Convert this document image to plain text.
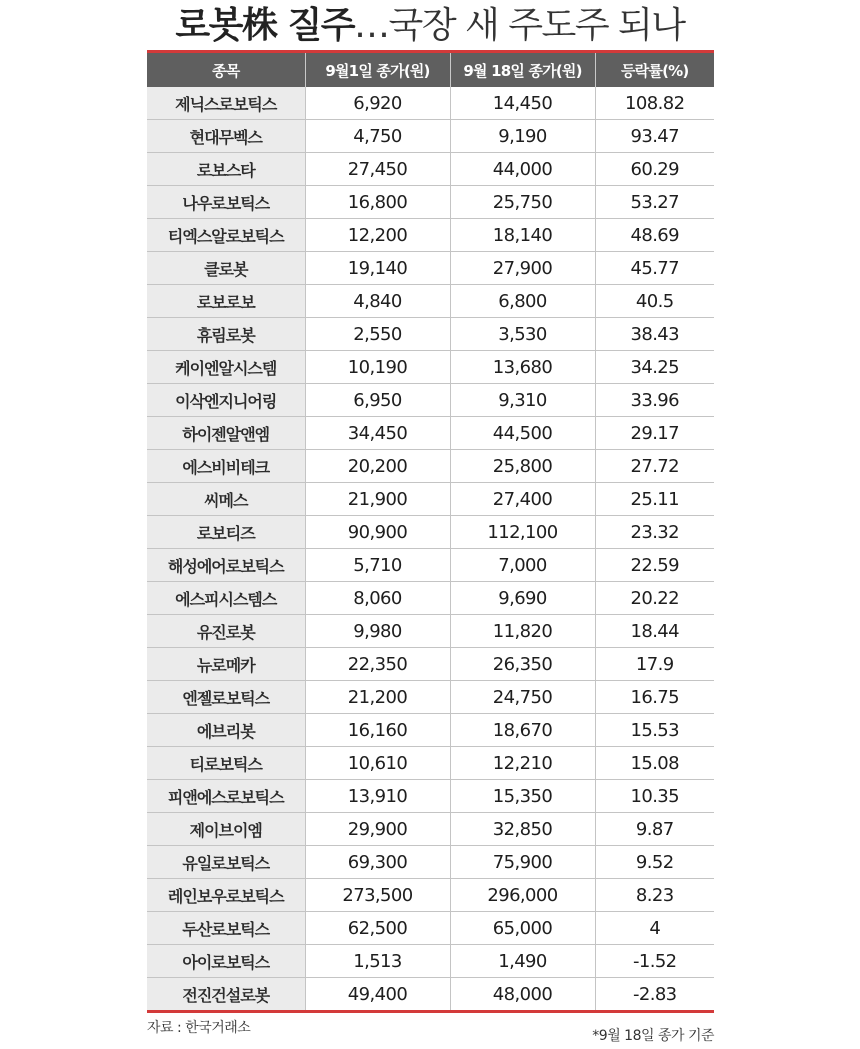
로봇株 질주…국장 새 주도주 되나
종목	9월1일 종가(원)	9월 18일 종가(원)	등락률(%)
제닉스로보틱스	6,920	14,450	108.82
현대무벡스	4,750	9,190	93.47
로보스타	27,450	44,000	60.29
나우로보틱스	16,800	25,750	53.27
티엑스알로보틱스	12,200	18,140	48.69
클로봇	19,140	27,900	45.77
로보로보	4,840	6,800	40.5
휴림로봇	2,550	3,530	38.43
케이엔알시스템	10,190	13,680	34.25
이삭엔지니어링	6,950	9,310	33.96
하이젠알앤엠	34,450	44,500	29.17
에스비비테크	20,200	25,800	27.72
씨메스	21,900	27,400	25.11
로보티즈	90,900	112,100	23.32
해성에어로보틱스	5,710	7,000	22.59
에스피시스템스	8,060	9,690	20.22
유진로봇	9,980	11,820	18.44
뉴로메카	22,350	26,350	17.9
엔젤로보틱스	21,200	24,750	16.75
에브리봇	16,160	18,670	15.53
티로보틱스	10,610	12,210	15.08
피앤에스로보틱스	13,910	15,350	10.35
제이브이엠	29,900	32,850	9.87
유일로보틱스	69,300	75,900	9.52
레인보우로보틱스	273,500	296,000	8.23
두산로보틱스	62,500	65,000	4
아이로보틱스	1,513	1,490	-1.52
전진건설로봇	49,400	48,000	-2.83
자료 : 한국거래소	*9월 18일 종가 기준
